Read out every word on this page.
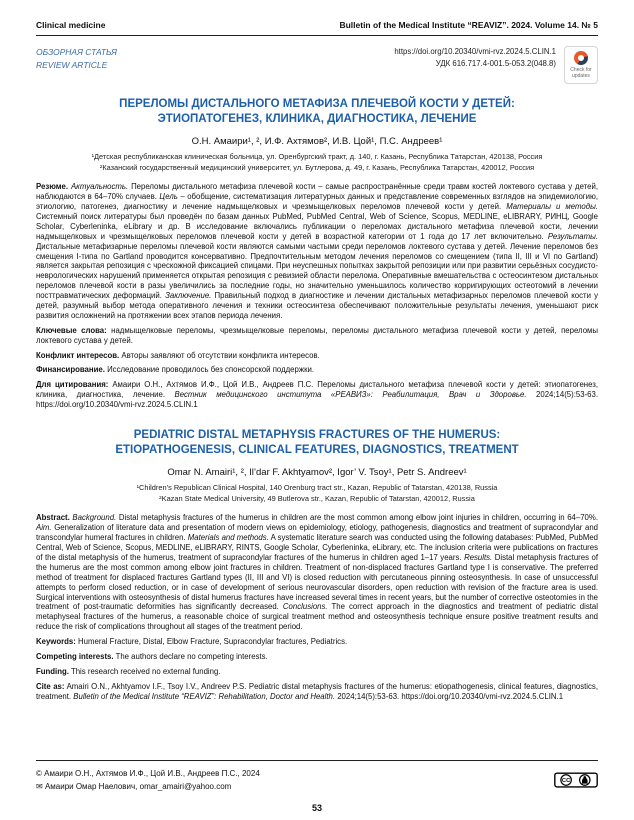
Clinical medicine	Bulletin of the Medical Institute “REAVIZ”. 2024. Volume 14. № 5
ОБЗОРНАЯ СТАТЬЯ
REVIEW ARTICLE
https://doi.org/10.20340/vmi-rvz.2024.5.CLIN.1
УДК 616.717.4-001.5-053.2(048.8)
Check for
updates
ПЕРЕЛОМЫ ДИСТАЛЬНОГО МЕТАФИЗА ПЛЕЧЕВОЙ КОСТИ У ДЕТЕЙ:
ЭТИОПАТОГЕНЕЗ, КЛИНИКА, ДИАГНОСТИКА, ЛЕЧЕНИЕ
О.Н. Амаири¹, ², И.Ф. Ахтямов², И.В. Цой¹, П.С. Андреев¹
¹Детская республиканская клиническая больница, ул. Оренбургский тракт, д. 140, г. Казань, Республика Татарстан, 420138, Россия
²Казанский государственный медицинский университет, ул. Бутлерова, д. 49, г. Казань, Республика Татарстан, 420012, Россия

Резюме. Актуальность. Переломы дистального метафиза плечевой кости – самые распространённые среди травм костей локтевого сустава у детей, наблюдаются в 64–70% случаев. Цель – обобщение, систематизация литературных данных и представление современных взглядов на эпидемиологию, этиологию, патогенез, диагностику и лечение надмыщелковых и чрезмыщелковых переломов плечевой кости у детей. Материалы и методы. Системный поиск литературы был проведён по базам данных PubMed, PubMed Central, Web of Science, Scopus, MEDLINE, eLIBRARY, РИНЦ, Google Scholar, Cyberleninka, eLibrary и др. В исследование включались публикации о переломах дистального метафиза плечевой кости, лечении надмыщелковых и чрезмыщелковых переломов плечевой кости у детей в возрастной категории от 1 года до 17 лет включительно. Результаты. Дистальные метафизарные переломы плечевой кости являются самыми частыми среди переломов локтевого сустава у детей. Лечение переломов без смещения I-типа по Gartland проводится консервативно. Предпочтительным методом лечения переломов со смещением (типа II, III и VI по Gartland) является закрытая репозиция с чрескожной фиксацией спицами. При неуспешных попытках закрытой репозиции или при развитии серьёзных сосудисто-неврологических нарушений применяется открытая репозиция с ревизией области перелома. Оперативные вмешательства с остеосинтезом дистальных переломов плечевой кости в разы увеличились за последние годы, но значительно уменьшилось количество корригирующих остеотомий в лечении посттравматических деформаций. Заключение. Правильный подход в диагностике и лечении дистальных метафизарных переломов плечевой кости у детей, разумный выбор метода оперативного лечения и техники остеосинтеза обеспечивают положительные результаты лечения, уменьшают риск развития осложнений на протяжении всех этапов периода лечения.

Ключевые слова: надмыщелковые переломы, чрезмыщелковые переломы, переломы дистального метафиза плечевой кости у детей, переломы локтевого сустава у детей.

Конфликт интересов. Авторы заявляют об отсутствии конфликта интересов.

Финансирование. Исследование проводилось без спонсорской поддержки.

Для цитирования: Амаири О.Н., Ахтямов И.Ф., Цой И.В., Андреев П.С. Переломы дистального метафиза плечевой кости у детей: этиопатогенез, клиника, диагностика, лечение. Вестник медицинского института «РЕАВИЗ»: Реабилитация, Врач и Здоровье. 2024;14(5):53-63. https://doi.org/10.20340/vmi-rvz.2024.5.CLIN.1

PEDIATRIC DISTAL METAPHYSIS FRACTURES OF THE HUMERUS:
ETIOPATHOGENESIS, CLINICAL FEATURES, DIAGNOSTICS, TREATMENT
Omar N. Amairi¹, ², Il’dar F. Akhtyamov², Igor’ V. Tsoy¹, Petr S. Andreev¹
¹Children’s Republican Clinical Hospital, 140 Orenburg tract str., Kazan, Republic of Tatarstan, 420138, Russia
²Kazan State Medical University, 49 Butlerova str., Kazan, Republic of Tatarstan, 420012, Russia

Abstract. Background. Distal metaphysis fractures of the humerus in children are the most common among elbow joint injuries in children, occurring in 64–70%. Aim. Generalization of literature data and presentation of modern views on epidemiology, etiology, pathogenesis, diagnostics and treatment of supracondylar and transcondylar humeral fractures in children. Materials and methods. A systematic literature search was conducted using the following databases: PubMed, PubMed Central, Web of Science, Scopus, MEDLINE, eLIBRARY, RINTS, Google Scholar, Cyberleninka, eLibrary, etc. The inclusion criteria were publications on fractures of the distal metaphysis of the humerus, treatment of supracondylar fractures of the humerus in children aged 1–17 years. Results. Distal metaphysis fractures of the humerus are the most common among elbow joint fractures in children. Treatment of non-displaced fractures Gartland type I is conservative. The preferred method of treatment for displaced fractures Gartland types (II, III and VI) is closed reduction with percutaneous pinning osteosynthesis. In case of unsuccessful attempts to perform closed reduction, or in case of development of serious neurovascular disorders, open reduction with revision of the fracture area is used. Surgical interventions with osteosynthesis of distal humerus fractures have increased several times in recent years, but the number of corrective osteotomies in the treatment of post-traumatic deformities has significantly decreased. Conclusions. The correct approach in the diagnostics and treatment of pediatric distal metaphyseal fractures of the humerus, a reasonable choice of surgical treatment method and osteosynthesis technique ensure positive treatment results and reduce the risk of complications throughout all stages of the treatment period.

Keywords: Humeral Fracture, Distal, Elbow Fracture, Supracondylar fractures, Pediatrics.

Competing interests. The authors declare no competing interests.

Funding. This research received no external funding.

Cite as: Amairi O.N., Akhtyamov I.F., Tsoy I.V., Andreev P.S. Pediatric distal metaphysis fractures of the humerus: etiopathogenesis, clinical features, diagnostics, treatment. Bulletin of the Medical Institute “REAVIZ”: Rehabilitation, Doctor and Health. 2024;14(5):53-63. https://doi.org/10.20340/vmi-rvz.2024.5.CLIN.1

© Амаири О.Н., Ахтямов И.Ф., Цой И.В., Андреев П.С., 2024
✉ Амаири Омар Наелович, omar_amairi@yahoo.com
CC
53
